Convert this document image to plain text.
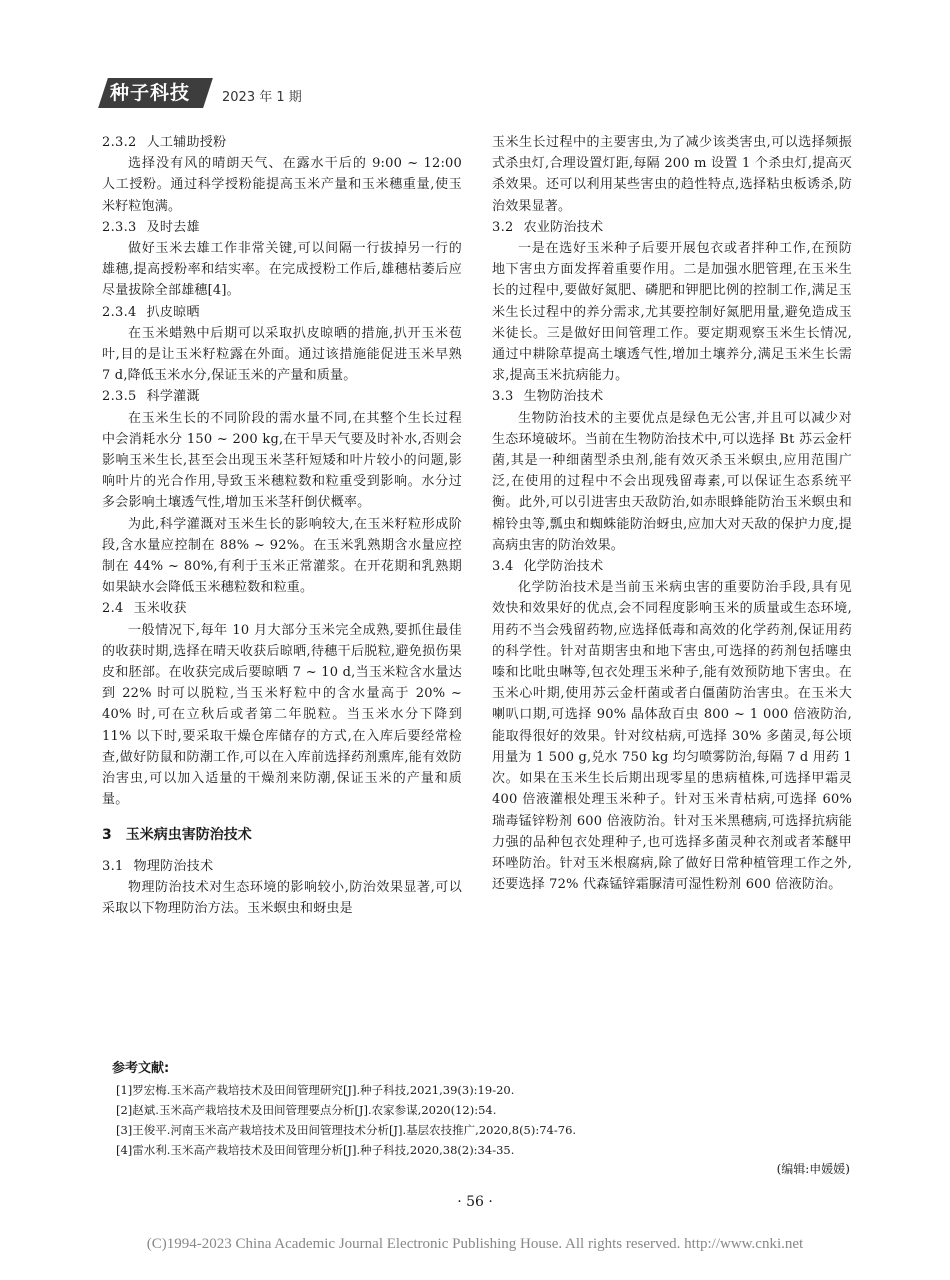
种子科技 2023 年 1 期

2.3.2 人工辅助授粉

选择没有风的晴朗天气、在露水干后的 9:00 ~ 12:00 人工授粉。通过科学授粉能提高玉米产量和玉米穗重量,使玉米籽粒饱满。

2.3.3 及时去雄

做好玉米去雄工作非常关键,可以间隔一行拔掉另一行的雄穗,提高授粉率和结实率。在完成授粉工作后,雄穗枯萎后应尽量拔除全部雄穗[4]。

2.3.4 扒皮晾晒

在玉米蜡熟中后期可以采取扒皮晾晒的措施,扒开玉米苞叶,目的是让玉米籽粒露在外面。通过该措施能促进玉米早熟 7 d,降低玉米水分,保证玉米的产量和质量。

2.3.5 科学灌溉

在玉米生长的不同阶段的需水量不同,在其整个生长过程中会消耗水分 150 ~ 200 kg,在干旱天气要及时补水,否则会影响玉米生长,甚至会出现玉米茎秆短矮和叶片较小的问题,影响叶片的光合作用,导致玉米穗粒数和粒重受到影响。水分过多会影响土壤透气性,增加玉米茎秆倒伏概率。

为此,科学灌溉对玉米生长的影响较大,在玉米籽粒形成阶段,含水量应控制在 88% ~ 92%。在玉米乳熟期含水量应控制在 44% ~ 80%,有利于玉米正常灌浆。在开花期和乳熟期如果缺水会降低玉米穗粒数和粒重。

2.4 玉米收获

一般情况下,每年 10 月大部分玉米完全成熟,要抓住最佳的收获时期,选择在晴天收获后晾晒,待穗干后脱粒,避免损伤果皮和胚部。在收获完成后要晾晒 7 ~ 10 d,当玉米粒含水量达到 22% 时可以脱粒,当玉米籽粒中的含水量高于 20% ~ 40% 时,可在立秋后或者第二年脱粒。当玉米水分下降到 11% 以下时,要采取干燥仓库储存的方式,在入库后要经常检查,做好防鼠和防潮工作,可以在入库前选择药剂熏库,能有效防治害虫,可以加入适量的干燥剂来防潮,保证玉米的产量和质量。

3 玉米病虫害防治技术

3.1 物理防治技术

物理防治技术对生态环境的影响较小,防治效果显著,可以采取以下物理防治方法。玉米螟虫和蚜虫是

玉米生长过程中的主要害虫,为了减少该类害虫,可以选择频振式杀虫灯,合理设置灯距,每隔 200 m 设置 1 个杀虫灯,提高灭杀效果。还可以利用某些害虫的趋性特点,选择粘虫板诱杀,防治效果显著。

3.2 农业防治技术

一是在选好玉米种子后要开展包衣或者拌种工作,在预防地下害虫方面发挥着重要作用。二是加强水肥管理,在玉米生长的过程中,要做好氮肥、磷肥和钾肥比例的控制工作,满足玉米生长过程中的养分需求,尤其要控制好氮肥用量,避免造成玉米徒长。三是做好田间管理工作。要定期观察玉米生长情况,通过中耕除草提高土壤透气性,增加土壤养分,满足玉米生长需求,提高玉米抗病能力。

3.3 生物防治技术

生物防治技术的主要优点是绿色无公害,并且可以减少对生态环境破坏。当前在生物防治技术中,可以选择 Bt 苏云金杆菌,其是一种细菌型杀虫剂,能有效灭杀玉米螟虫,应用范围广泛,在使用的过程中不会出现残留毒素,可以保证生态系统平衡。此外,可以引进害虫天敌防治,如赤眼蜂能防治玉米螟虫和棉铃虫等,瓢虫和蜘蛛能防治蚜虫,应加大对天敌的保护力度,提高病虫害的防治效果。

3.4 化学防治技术

化学防治技术是当前玉米病虫害的重要防治手段,具有见效快和效果好的优点,会不同程度影响玉米的质量或生态环境,用药不当会残留药物,应选择低毒和高效的化学药剂,保证用药的科学性。针对苗期害虫和地下害虫,可选择的药剂包括噻虫嗪和比吡虫啉等,包衣处理玉米种子,能有效预防地下害虫。在玉米心叶期,使用苏云金杆菌或者白僵菌防治害虫。在玉米大喇叭口期,可选择 90% 晶体敌百虫 800 ~ 1 000 倍液防治,能取得很好的效果。针对纹枯病,可选择 30% 多菌灵,每公顷用量为 1 500 g,兑水 750 kg 均匀喷雾防治,每隔 7 d 用药 1 次。如果在玉米生长后期出现零星的患病植株,可选择甲霜灵 400 倍液灌根处理玉米种子。针对玉米青枯病,可选择 60% 瑞毒锰锌粉剂 600 倍液防治。针对玉米黑穗病,可选择抗病能力强的品种包衣处理种子,也可选择多菌灵种衣剂或者苯醚甲环唑防治。针对玉米根腐病,除了做好日常种植管理工作之外,还要选择 72% 代森锰锌霜脲清可湿性粉剂 600 倍液防治。

参考文献:
[1]罗宏梅.玉米高产栽培技术及田间管理研究[J].种子科技,2021,39(3):19-20.
[2]赵斌.玉米高产栽培技术及田间管理要点分析[J].农家参谋,2020(12):54.
[3]王俊平.河南玉米高产栽培技术及田间管理技术分析[J].基层农技推广,2020,8(5):74-76.
[4]雷水利.玉米高产栽培技术及田间管理分析[J].种子科技,2020,38(2):34-35.
(编辑:申媛媛)
· 56 ·
(C)1994-2023 China Academic Journal Electronic Publishing House. All rights reserved. http://www.cnki.net
